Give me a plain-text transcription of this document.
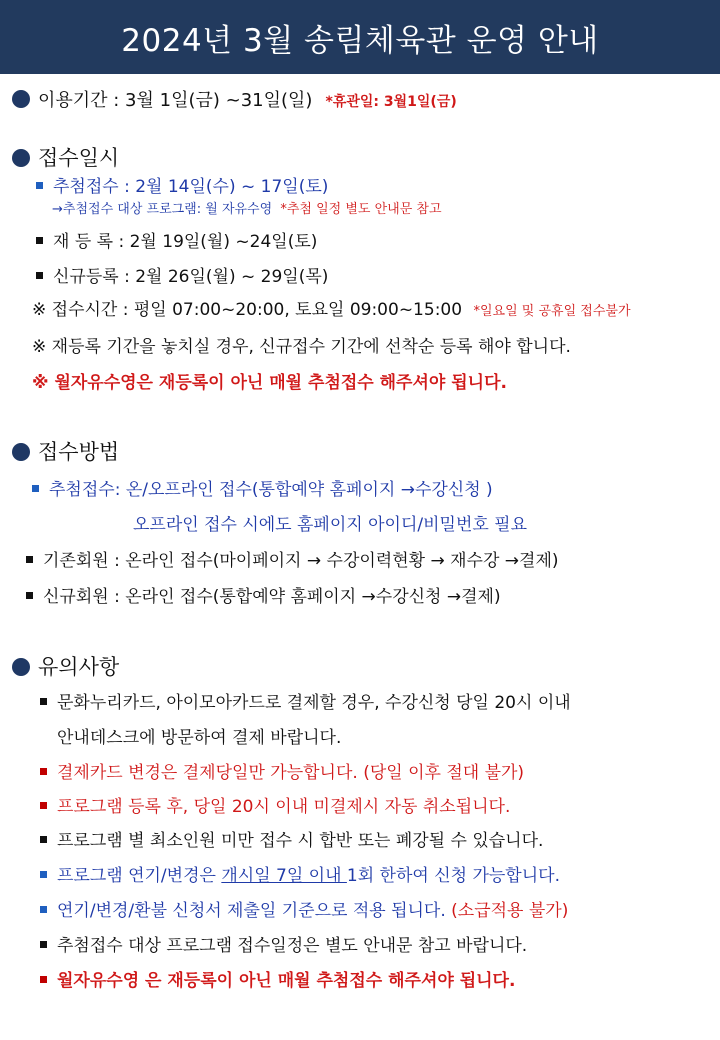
2024년 3월 송림체육관 운영 안내
이용기간 : 3월 1일(금) ~31일(일) *휴관일: 3월1일(금)
접수일시
추첨접수 : 2월 14일(수) ~ 17일(토)
→추첨접수 대상 프로그램: 월 자유수영 *추첨 일정 별도 안내문 참고
재 등 록 : 2월 19일(월) ~24일(토)
신규등록 : 2월 26일(월) ~ 29일(목)
※ 접수시간 : 평일 07:00~20:00, 토요일 09:00~15:00 *일요일 및 공휴일 접수불가
※ 재등록 기간을 놓치실 경우, 신규접수 기간에 선착순 등록 해야 합니다.
※ 월자유수영은 재등록이 아닌 매월 추첨접수 해주셔야 됩니다.
접수방법
추첨접수: 온/오프라인 접수(통합예약 홈페이지 →수강신청 )
오프라인 접수 시에도 홈페이지 아이디/비밀번호 필요
기존회원 : 온라인 접수(마이페이지 → 수강이력현황 → 재수강 →결제)
신규회원 : 온라인 접수(통합예약 홈페이지 →수강신청 →결제)
유의사항
문화누리카드, 아이모아카드로 결제할 경우, 수강신청 당일 20시 이내
안내데스크에 방문하여 결제 바랍니다.
결제카드 변경은 결제당일만 가능합니다. (당일 이후 절대 불가)
프로그램 등록 후, 당일 20시 이내 미결제시 자동 취소됩니다.
프로그램 별 최소인원 미만 접수 시 합반 또는 폐강될 수 있습니다.
프로그램 연기/변경은 개시일 7일 이내 1회 한하여 신청 가능합니다.
연기/변경/환불 신청서 제출일 기준으로 적용 됩니다. (소급적용 불가)
추첨접수 대상 프로그램 접수일정은 별도 안내문 참고 바랍니다.
월자유수영 은 재등록이 아닌 매월 추첨접수 해주셔야 됩니다.
